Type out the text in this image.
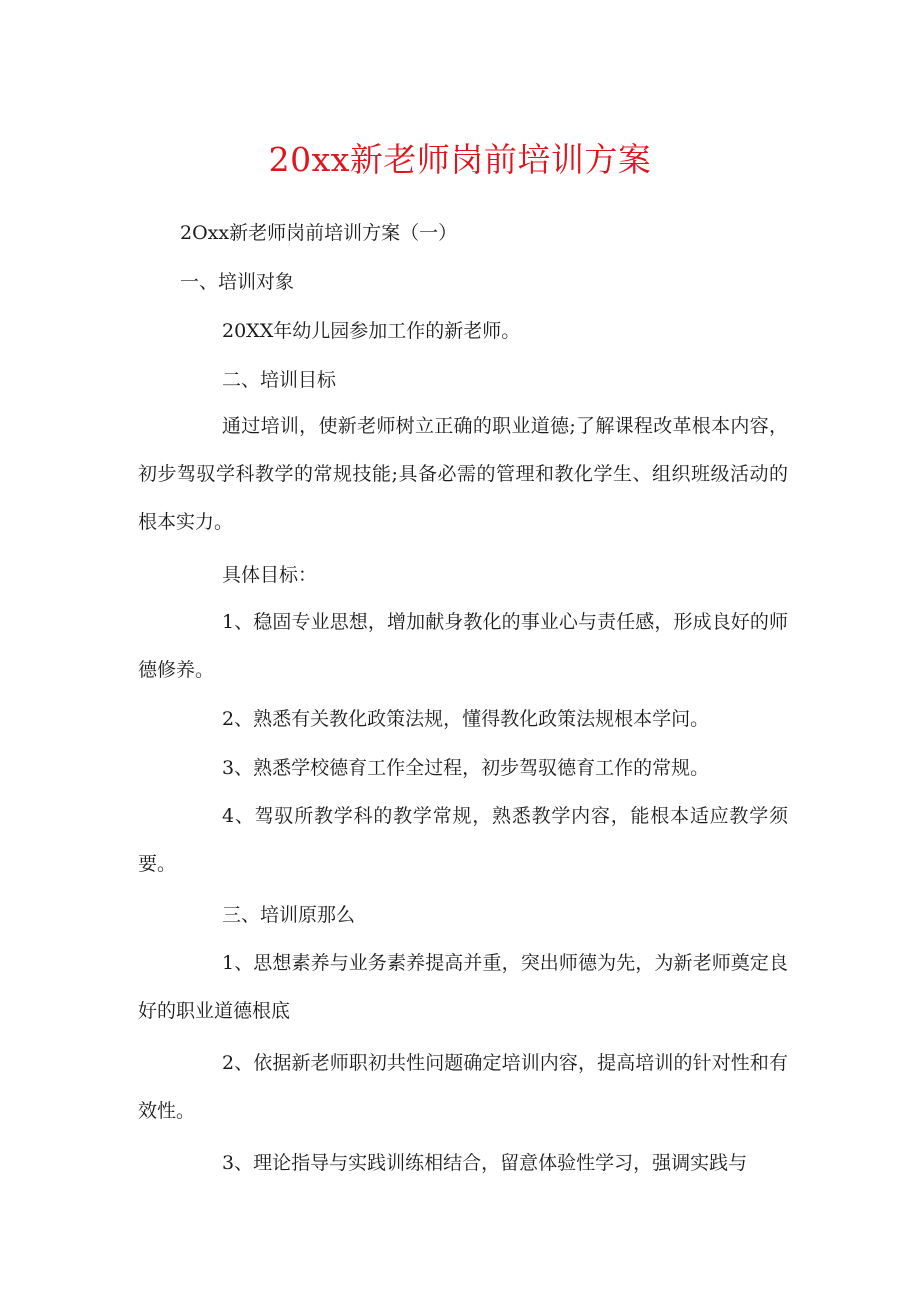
20xx新老师岗前培训方案

2Oxx新老师岗前培训方案（一）

一、培训对象

20XX年幼儿园参加工作的新老师。

二、培训目标

通过培训，使新老师树立正确的职业道德;了解课程改革根本内容，初步驾驭学科教学的常规技能;具备必需的管理和教化学生、组织班级活动的根本实力。

具体目标：

1、稳固专业思想，增加献身教化的事业心与责任感，形成良好的师德修养。

2、熟悉有关教化政策法规，懂得教化政策法规根本学问。

3、熟悉学校德育工作全过程，初步驾驭德育工作的常规。

4、驾驭所教学科的教学常规，熟悉教学内容，能根本适应教学须要。

三、培训原那么

1、思想素养与业务素养提高并重，突出师德为先，为新老师奠定良好的职业道德根底

2、依据新老师职初共性问题确定培训内容，提高培训的针对性和有效性。

3、理论指导与实践训练相结合，留意体验性学习，强调实践与
